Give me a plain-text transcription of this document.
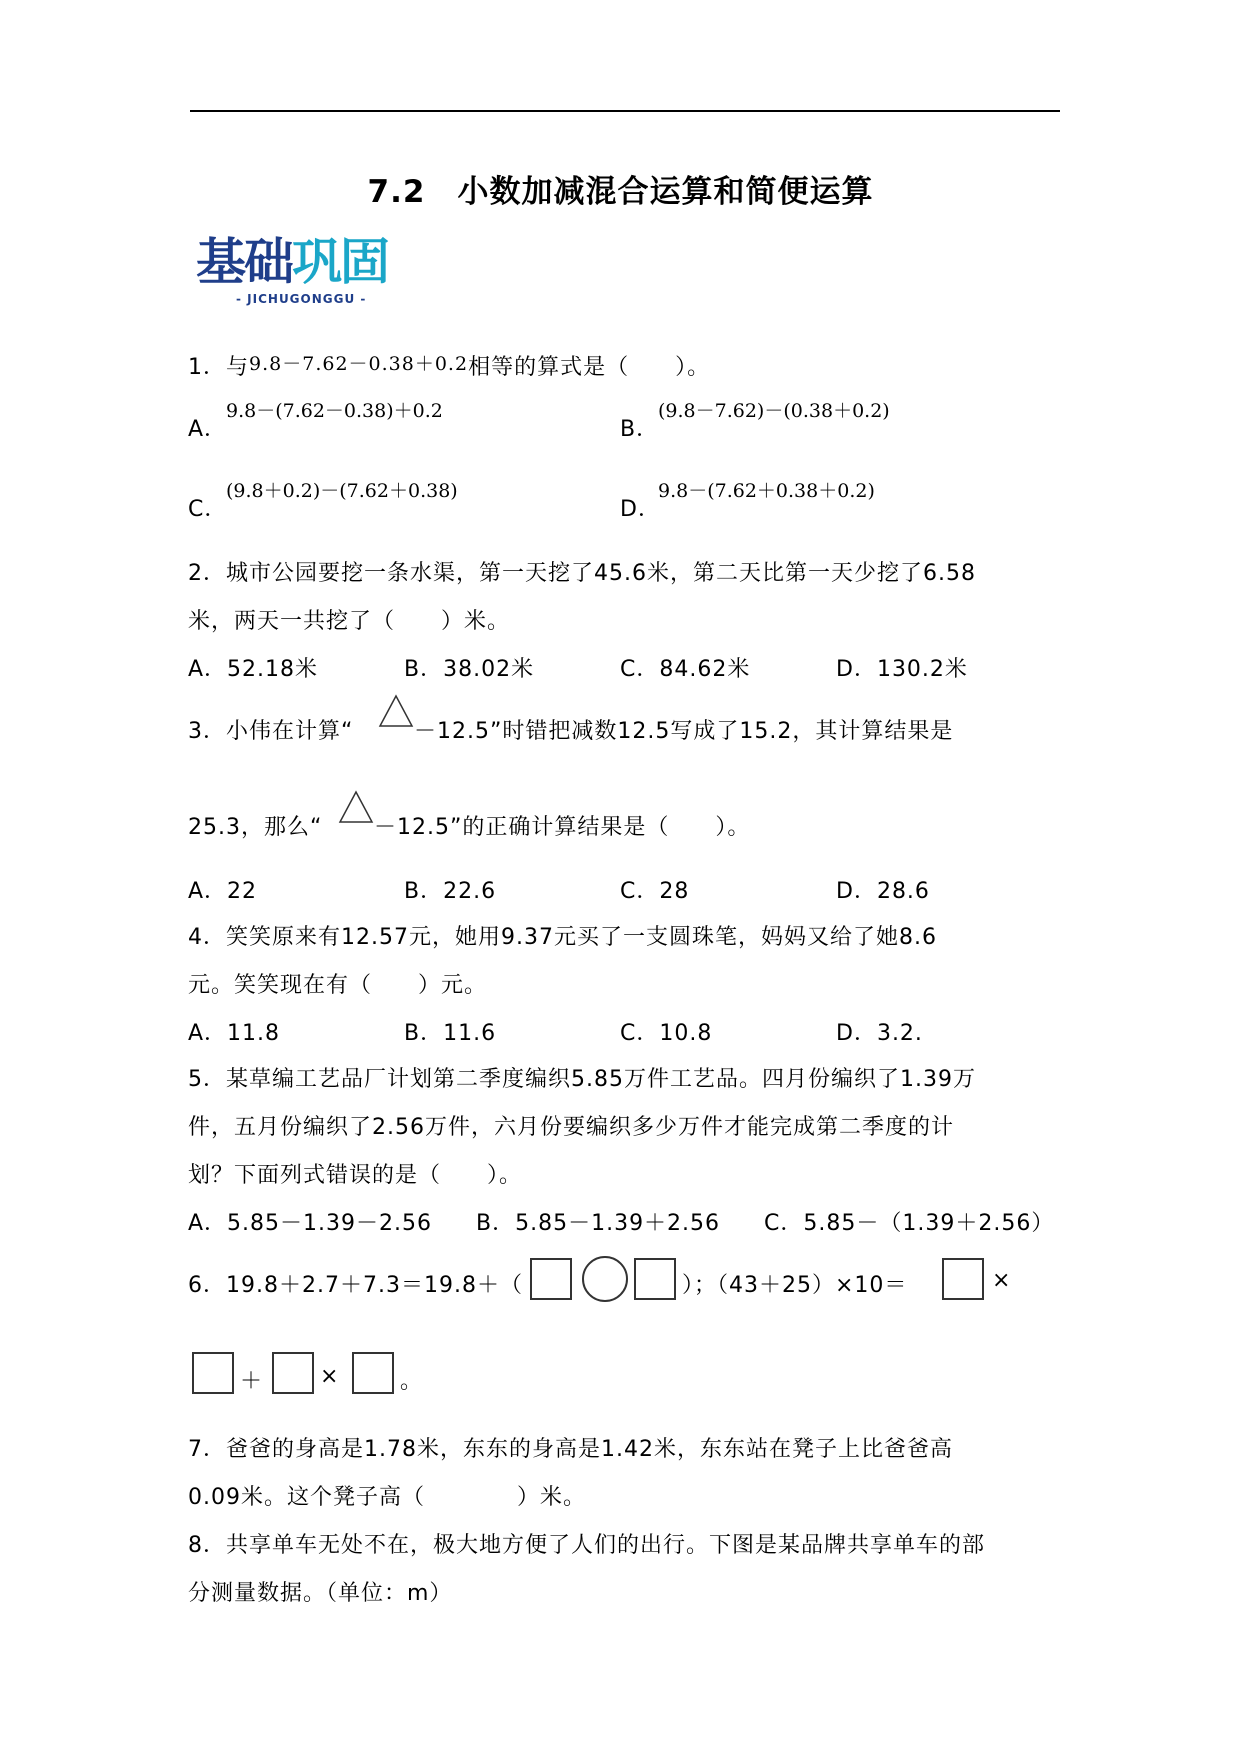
7.2　小数加减混合运算和简便运算
基础巩固
- JICHUGONGGU -
1．与9.8－7.62－0.38＋0.2相等的算式是（　　）。
A．
9.8－(7.62－0.38)＋0.2
B．
(9.8－7.62)－(0.38＋0.2)
C．
(9.8＋0.2)－(7.62＋0.38)
D．
9.8－(7.62＋0.38＋0.2)
2．城市公园要挖一条水渠，第一天挖了45.6米，第二天比第一天少挖了6.58
米，两天一共挖了（　　）米。
A．52.18米	B．38.02米	C．84.62米	D．130.2米
3．小伟在计算“	－12.5”时错把减数12.5写成了15.2，其计算结果是
25.3，那么“ －12.5”的正确计算结果是（　　）。
A．22	B．22.6	C．28	D．28.6
4．笑笑原来有12.57元，她用9.37元买了一支圆珠笔，妈妈又给了她8.6
元。笑笑现在有（　　）元。
A．11.8	B．11.6	C．10.8	D．3.2.
5．某草编工艺品厂计划第二季度编织5.85万件工艺品。四月份编织了1.39万
件，五月份编织了2.56万件，六月份要编织多少万件才能完成第二季度的计
划？下面列式错误的是（　　）。
A．5.85－1.39－2.56 B．5.85－1.39＋2.56 C．5.85－（1.39＋2.56）
6．19.8＋2.7＋7.3＝19.8＋（	）；（43＋25）×10＝	×
＋	×	。
7．爸爸的身高是1.78米，东东的身高是1.42米，东东站在凳子上比爸爸高
0.09米。这个凳子高（　　　　）米。
8．共享单车无处不在，极大地方便了人们的出行。下图是某品牌共享单车的部
分测量数据。（单位：m）
